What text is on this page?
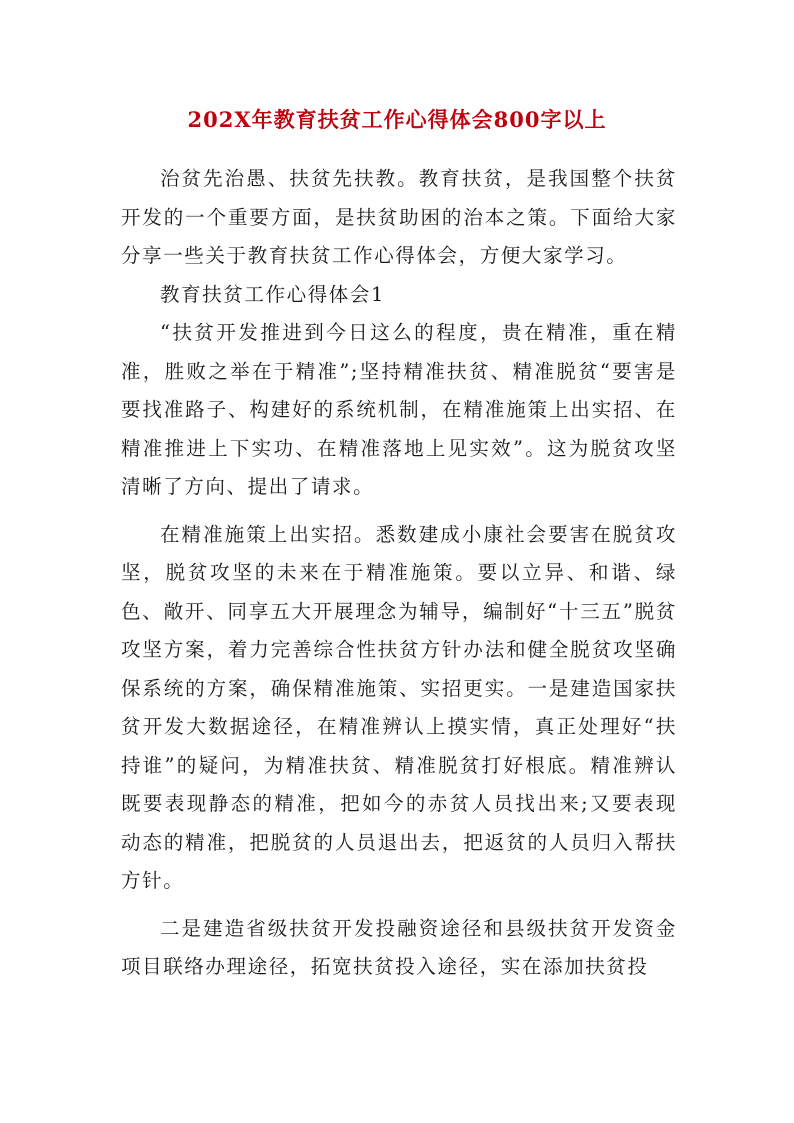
202X年教育扶贫工作心得体会800字以上

治贫先治愚、扶贫先扶教。教育扶贫，是我国整个扶贫开发的一个重要方面，是扶贫助困的治本之策。下面给大家分享一些关于教育扶贫工作心得体会，方便大家学习。

教育扶贫工作心得体会1

“扶贫开发推进到今日这么的程度，贵在精准，重在精准，胜败之举在于精准”;坚持精准扶贫、精准脱贫“要害是要找准路子、构建好的系统机制，在精准施策上出实招、在精准推进上下实功、在精准落地上见实效”。这为脱贫攻坚清晰了方向、提出了请求。

在精准施策上出实招。悉数建成小康社会要害在脱贫攻坚，脱贫攻坚的未来在于精准施策。要以立异、和谐、绿色、敞开、同享五大开展理念为辅导，编制好“十三五”脱贫攻坚方案，着力完善综合性扶贫方针办法和健全脱贫攻坚确保系统的方案，确保精准施策、实招更实。一是建造国家扶贫开发大数据途径，在精准辨认上摸实情，真正处理好“扶持谁”的疑问，为精准扶贫、精准脱贫打好根底。精准辨认既要表现静态的精准，把如今的赤贫人员找出来;又要表现动态的精准，把脱贫的人员退出去，把返贫的人员归入帮扶方针。

二是建造省级扶贫开发投融资途径和县级扶贫开发资金项目联络办理途径，拓宽扶贫投入途径，实在添加扶贫投
